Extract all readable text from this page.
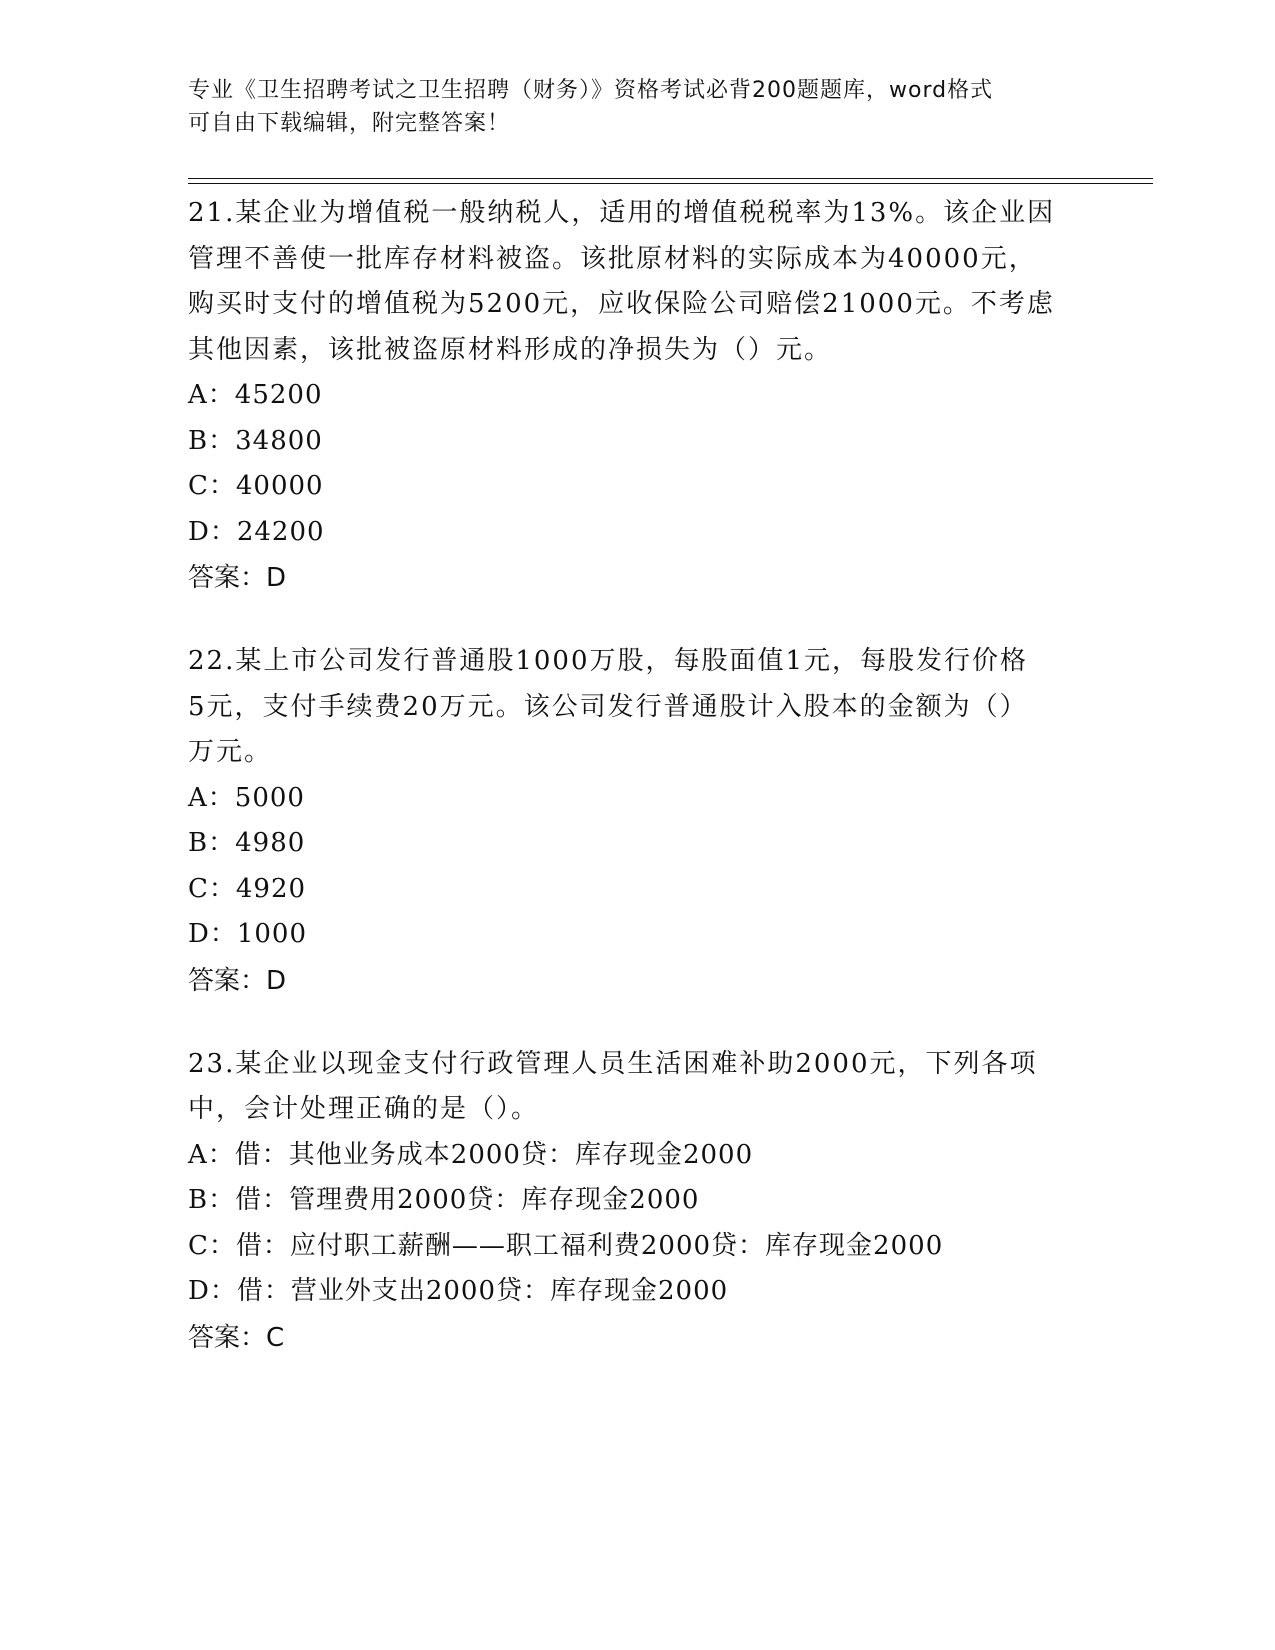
专业《卫生招聘考试之卫生招聘（财务）》资格考试必背200题题库，word格式
可自由下载编辑，附完整答案！
21.某企业为增值税一般纳税人，适用的增值税税率为13%。该企业因
管理不善使一批库存材料被盗。该批原材料的实际成本为40000元，
购买时支付的增值税为5200元，应收保险公司赔偿21000元。不考虑
其他因素，该批被盗原材料形成的净损失为（）元。
A：45200
B：34800
C：40000
D：24200
答案：D
22.某上市公司发行普通股1000万股，每股面值1元，每股发行价格
5元，支付手续费20万元。该公司发行普通股计入股本的金额为（）
万元。
A：5000
B：4980
C：4920
D：1000
答案：D
23.某企业以现金支付行政管理人员生活困难补助2000元，下列各项
中，会计处理正确的是（）。
A：借：其他业务成本2000贷：库存现金2000
B：借：管理费用2000贷：库存现金2000
C：借：应付职工薪酬——职工福利费2000贷：库存现金2000
D：借：营业外支出2000贷：库存现金2000
答案：C
